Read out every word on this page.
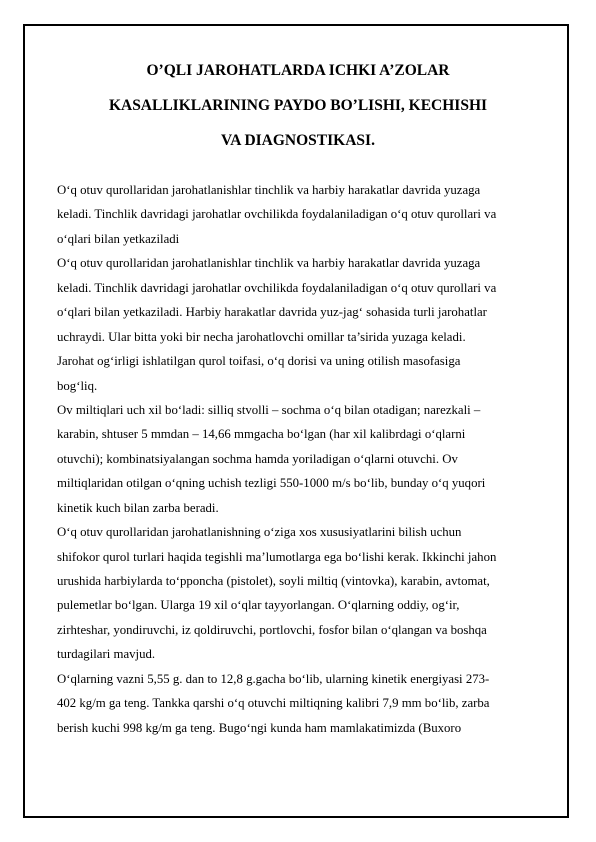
O’QLI JAROHATLARDA ICHKI A’ZOLAR
KASALLIKLARINING PAYDO BO’LISHI, KECHISHI
VA DIAGNOSTIKASI.
O‘q otuv qurollaridan jarohatlanishlar tinchlik va harbiy harakatlar davrida yuzaga
keladi. Tinchlik davridagi jarohatlar ovchilikda foydalaniladigan o‘q otuv qurollari va
o‘qlari bilan yetkaziladi
O‘q otuv qurollaridan jarohatlanishlar tinchlik va harbiy harakatlar davrida yuzaga
keladi. Tinchlik davridagi jarohatlar ovchilikda foydalaniladigan o‘q otuv qurollari va
o‘qlari bilan yetkaziladi. Harbiy harakatlar davrida yuz-jag‘ sohasida turli jarohatlar
uchraydi. Ular bitta yoki bir necha jarohatlovchi omillar ta’sirida yuzaga keladi.
Jarohat og‘irligi ishlatilgan qurol toifasi, o‘q dorisi va uning otilish masofasiga
bog‘liq.
Ov miltiqlari uch xil bo‘ladi: silliq stvolli – sochma o‘q bilan otadigan; narezkali –
karabin, shtuser 5 mmdan – 14,66 mmgacha bo‘lgan (har xil kalibrdagi o‘qlarni
otuvchi); kombinatsiyalangan sochma hamda yoriladigan o‘qlarni otuvchi. Ov
miltiqlaridan otilgan o‘qning uchish tezligi 550-1000 m/s bo‘lib, bunday o‘q yuqori
kinetik kuch bilan zarba beradi.
O‘q otuv qurollaridan jarohatlanishning o‘ziga xos xususiyatlarini bilish uchun
shifokor qurol turlari haqida tegishli ma’lumotlarga ega bo‘lishi kerak. Ikkinchi jahon
urushida harbiylarda to‘pponcha (pistolet), soyli miltiq (vintovka), karabin, avtomat,
pulemetlar bo‘lgan. Ularga 19 xil o‘qlar tayyorlangan. O‘qlarning oddiy, og‘ir,
zirhteshar, yondiruvchi, iz qoldiruvchi, portlovchi, fosfor bilan o‘qlangan va boshqa
turdagilari mavjud.
O‘qlarning vazni 5,55 g. dan to 12,8 g.gacha bo‘lib, ularning kinetik energiyasi 273-
402 kg/m ga teng. Tankka qarshi o‘q otuvchi miltiqning kalibri 7,9 mm bo‘lib, zarba
berish kuchi 998 kg/m ga teng. Bugo‘ngi kunda ham mamlakatimizda (Buxoro
